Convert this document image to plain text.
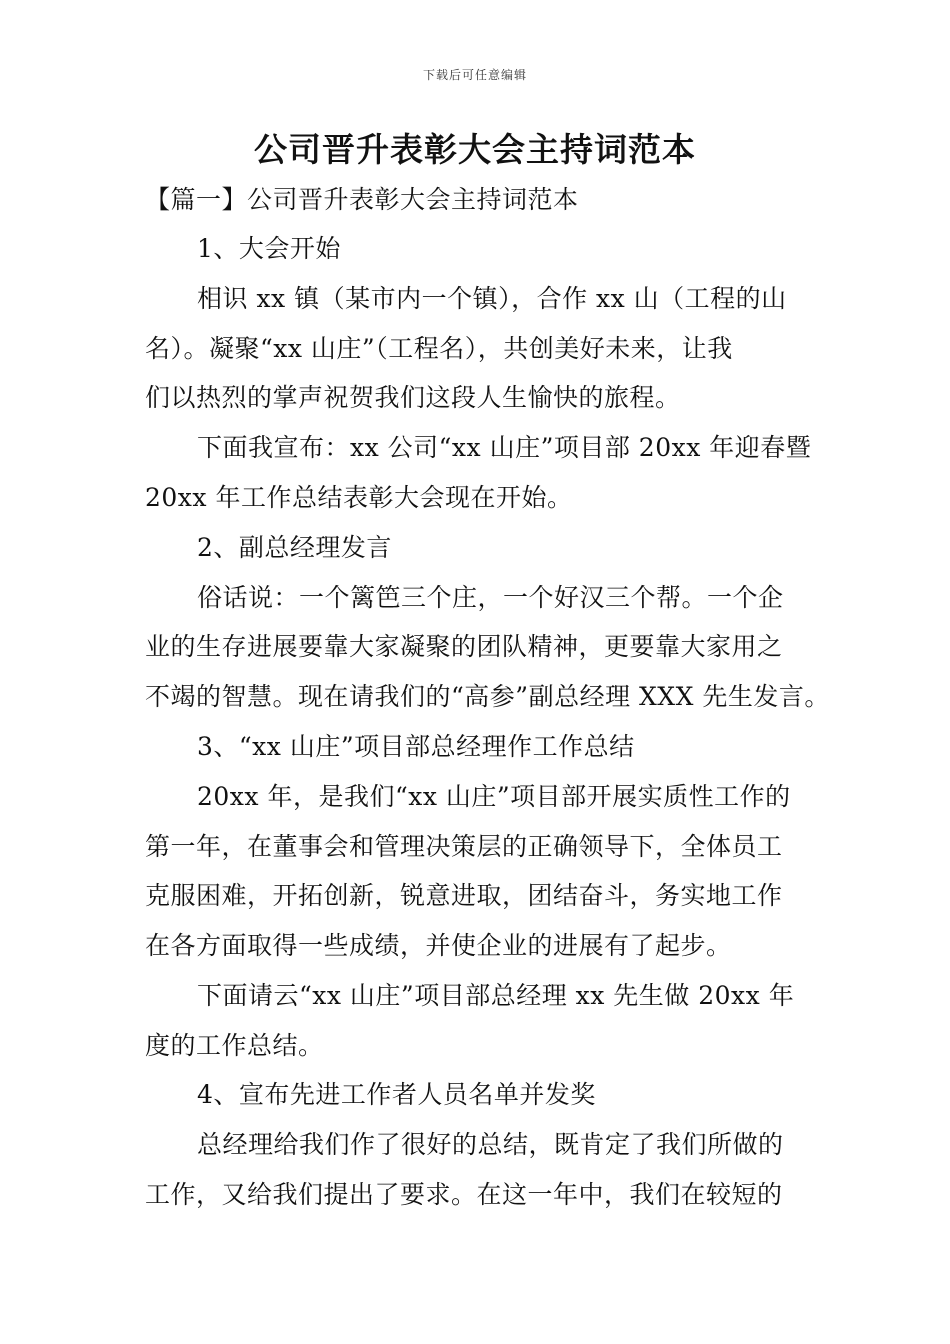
下载后可任意编辑
公司晋升表彰大会主持词范本
【篇一】公司晋升表彰大会主持词范本
1、大会开始
相识 xx 镇（某市内一个镇），合作 xx 山（工程的山
名）。凝聚“xx 山庄”（工程名），共创美好未来，让我
们以热烈的掌声祝贺我们这段人生愉快的旅程。
下面我宣布：xx 公司“xx 山庄”项目部 20xx 年迎春暨
20xx 年工作总结表彰大会现在开始。
2、副总经理发言
俗话说：一个篱笆三个庄，一个好汉三个帮。一个企
业的生存进展要靠大家凝聚的团队精神，更要靠大家用之
不竭的智慧。现在请我们的“高参”副总经理 XXX 先生发言。
3、“xx 山庄”项目部总经理作工作总结
20xx 年，是我们“xx 山庄”项目部开展实质性工作的
第一年，在董事会和管理决策层的正确领导下，全体员工
克服困难，开拓创新，锐意进取，团结奋斗，务实地工作
在各方面取得一些成绩，并使企业的进展有了起步。
下面请云“xx 山庄”项目部总经理 xx 先生做 20xx 年
度的工作总结。
4、宣布先进工作者人员名单并发奖
总经理给我们作了很好的总结，既肯定了我们所做的
工作，又给我们提出了要求。在这一年中，我们在较短的
